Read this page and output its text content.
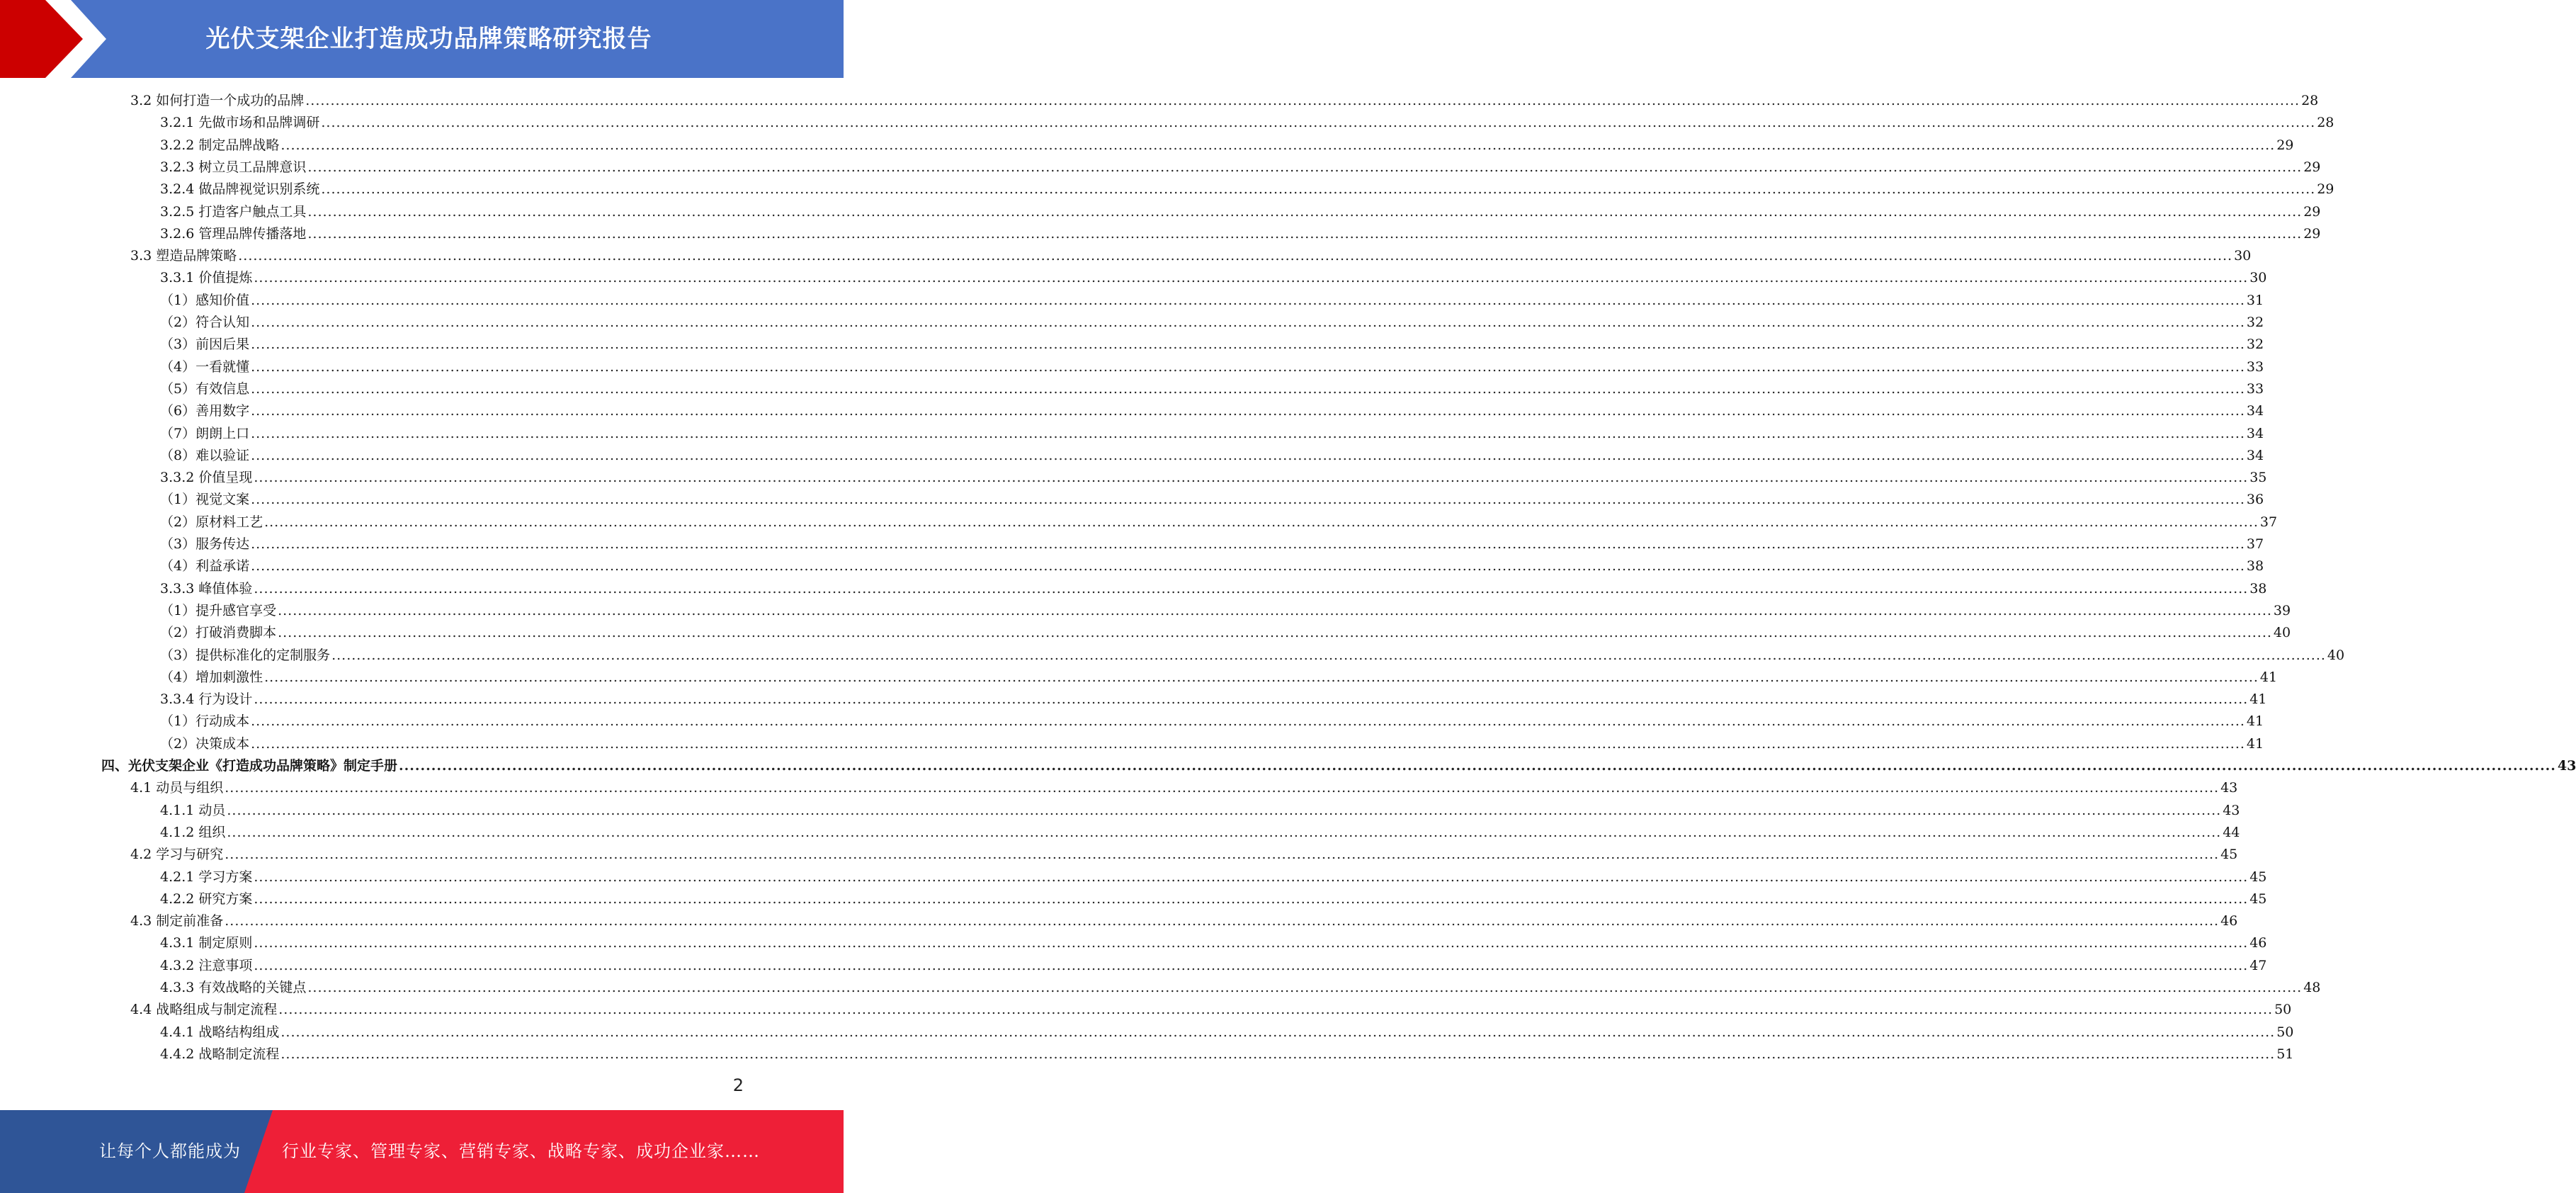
光伏支架企业打造成功品牌策略研究报告
3.2 如何打造一个成功的品牌 ................................................................................................................................................................................................................................................................................................................................................................................................................ 28
3.2.1 先做市场和品牌调研 ................................................................................................................................................................................................................................................................................................................................................................................................................ 28
3.2.2 制定品牌战略 ................................................................................................................................................................................................................................................................................................................................................................................................................ 29
3.2.3 树立员工品牌意识 ................................................................................................................................................................................................................................................................................................................................................................................................................ 29
3.2.4 做品牌视觉识别系统 ................................................................................................................................................................................................................................................................................................................................................................................................................ 29
3.2.5 打造客户触点工具 ................................................................................................................................................................................................................................................................................................................................................................................................................ 29
3.2.6 管理品牌传播落地 ................................................................................................................................................................................................................................................................................................................................................................................................................ 29
3.3 塑造品牌策略 ................................................................................................................................................................................................................................................................................................................................................................................................................ 30
3.3.1 价值提炼 ................................................................................................................................................................................................................................................................................................................................................................................................................ 30
（1）感知价值 ................................................................................................................................................................................................................................................................................................................................................................................................................ 31
（2）符合认知 ................................................................................................................................................................................................................................................................................................................................................................................................................ 32
（3）前因后果 ................................................................................................................................................................................................................................................................................................................................................................................................................ 32
（4）一看就懂 ................................................................................................................................................................................................................................................................................................................................................................................................................ 33
（5）有效信息 ................................................................................................................................................................................................................................................................................................................................................................................................................ 33
（6）善用数字 ................................................................................................................................................................................................................................................................................................................................................................................................................ 34
（7）朗朗上口 ................................................................................................................................................................................................................................................................................................................................................................................................................ 34
（8）难以验证 ................................................................................................................................................................................................................................................................................................................................................................................................................ 34
3.3.2 价值呈现 ................................................................................................................................................................................................................................................................................................................................................................................................................ 35
（1）视觉文案 ................................................................................................................................................................................................................................................................................................................................................................................................................ 36
（2）原材料工艺 ................................................................................................................................................................................................................................................................................................................................................................................................................ 37
（3）服务传达 ................................................................................................................................................................................................................................................................................................................................................................................................................ 37
（4）利益承诺 ................................................................................................................................................................................................................................................................................................................................................................................................................ 38
3.3.3 峰值体验 ................................................................................................................................................................................................................................................................................................................................................................................................................ 38
（1）提升感官享受 ................................................................................................................................................................................................................................................................................................................................................................................................................ 39
（2）打破消费脚本 ................................................................................................................................................................................................................................................................................................................................................................................................................ 40
（3）提供标准化的定制服务 ................................................................................................................................................................................................................................................................................................................................................................................................................ 40
（4）增加刺激性 ................................................................................................................................................................................................................................................................................................................................................................................................................ 41
3.3.4 行为设计 ................................................................................................................................................................................................................................................................................................................................................................................................................ 41
（1）行动成本 ................................................................................................................................................................................................................................................................................................................................................................................................................ 41
（2）决策成本 ................................................................................................................................................................................................................................................................................................................................................................................................................ 41
四、光伏支架企业《打造成功品牌策略》制定手册 ................................................................................................................................................................................................................................................................................................................................................................................................................ 43
4.1 动员与组织 ................................................................................................................................................................................................................................................................................................................................................................................................................ 43
4.1.1 动员 ................................................................................................................................................................................................................................................................................................................................................................................................................ 43
4.1.2 组织 ................................................................................................................................................................................................................................................................................................................................................................................................................ 44
4.2 学习与研究 ................................................................................................................................................................................................................................................................................................................................................................................................................ 45
4.2.1 学习方案 ................................................................................................................................................................................................................................................................................................................................................................................................................ 45
4.2.2 研究方案 ................................................................................................................................................................................................................................................................................................................................................................................................................ 45
4.3 制定前准备 ................................................................................................................................................................................................................................................................................................................................................................................................................ 46
4.3.1 制定原则 ................................................................................................................................................................................................................................................................................................................................................................................................................ 46
4.3.2 注意事项 ................................................................................................................................................................................................................................................................................................................................................................................................................ 47
4.3.3 有效战略的关键点 ................................................................................................................................................................................................................................................................................................................................................................................................................ 48
4.4 战略组成与制定流程 ................................................................................................................................................................................................................................................................................................................................................................................................................ 50
4.4.1 战略结构组成 ................................................................................................................................................................................................................................................................................................................................................................................................................ 50
4.4.2 战略制定流程 ................................................................................................................................................................................................................................................................................................................................................................................................................ 51
2
让每个人都能成为 行业专家、管理专家、营销专家、战略专家、成功企业家……
